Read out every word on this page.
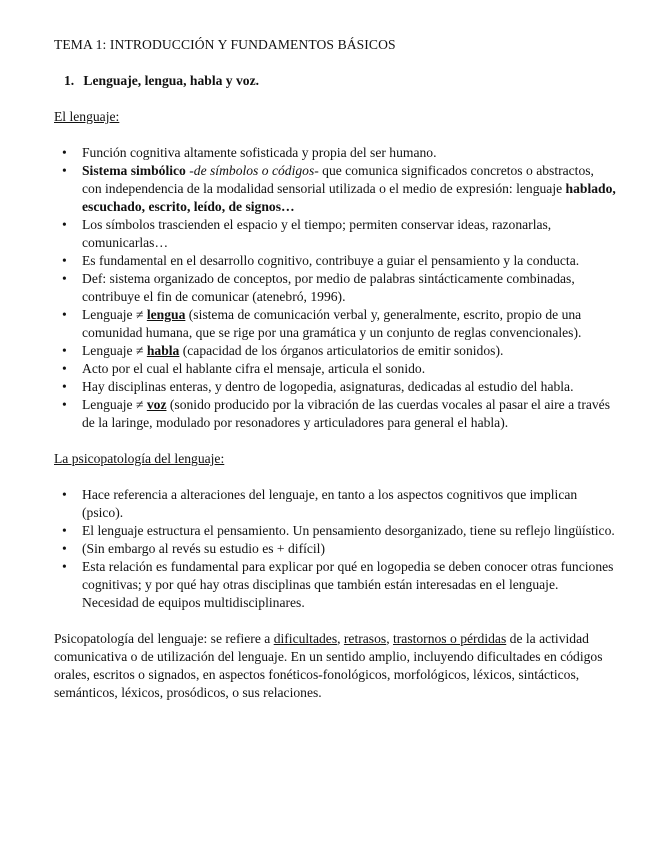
TEMA 1: INTRODUCCIÓN Y FUNDAMENTOS BÁSICOS
1. Lenguaje, lengua, habla y voz.
El lenguaje:
• Función cognitiva altamente sofisticada y propia del ser humano.
• Sistema simbólico -de símbolos o códigos- que comunica significados concretos o abstractos, con independencia de la modalidad sensorial utilizada o el medio de expresión: lenguaje hablado, escuchado, escrito, leído, de signos…
• Los símbolos trascienden el espacio y el tiempo; permiten conservar ideas, razonarlas, comunicarlas…
• Es fundamental en el desarrollo cognitivo, contribuye a guiar el pensamiento y la conducta.
• Def: sistema organizado de conceptos, por medio de palabras sintácticamente combinadas, contribuye el fin de comunicar (atenebró, 1996).
• Lenguaje ≠ lengua (sistema de comunicación verbal y, generalmente, escrito, propio de una comunidad humana, que se rige por una gramática y un conjunto de reglas convencionales).
• Lenguaje ≠ habla (capacidad de los órganos articulatorios de emitir sonidos).
• Acto por el cual el hablante cifra el mensaje, articula el sonido.
• Hay disciplinas enteras, y dentro de logopedia, asignaturas, dedicadas al estudio del habla.
• Lenguaje ≠ voz (sonido producido por la vibración de las cuerdas vocales al pasar el aire a través de la laringe, modulado por resonadores y articuladores para general el habla).
La psicopatología del lenguaje:
• Hace referencia a alteraciones del lenguaje, en tanto a los aspectos cognitivos que implican (psico).
• El lenguaje estructura el pensamiento. Un pensamiento desorganizado, tiene su reflejo lingüístico.
• (Sin embargo al revés su estudio es + difícil)
• Esta relación es fundamental para explicar por qué en logopedia se deben conocer otras funciones cognitivas; y por qué hay otras disciplinas que también están interesadas en el lenguaje. Necesidad de equipos multidisciplinares.

Psicopatología del lenguaje: se refiere a dificultades, retrasos, trastornos o pérdidas de la actividad comunicativa o de utilización del lenguaje. En un sentido amplio, incluyendo dificultades en códigos orales, escritos o signados, en aspectos fonéticos-fonológicos, morfológicos, léxicos, sintácticos, semánticos, léxicos, prosódicos, o sus relaciones.
